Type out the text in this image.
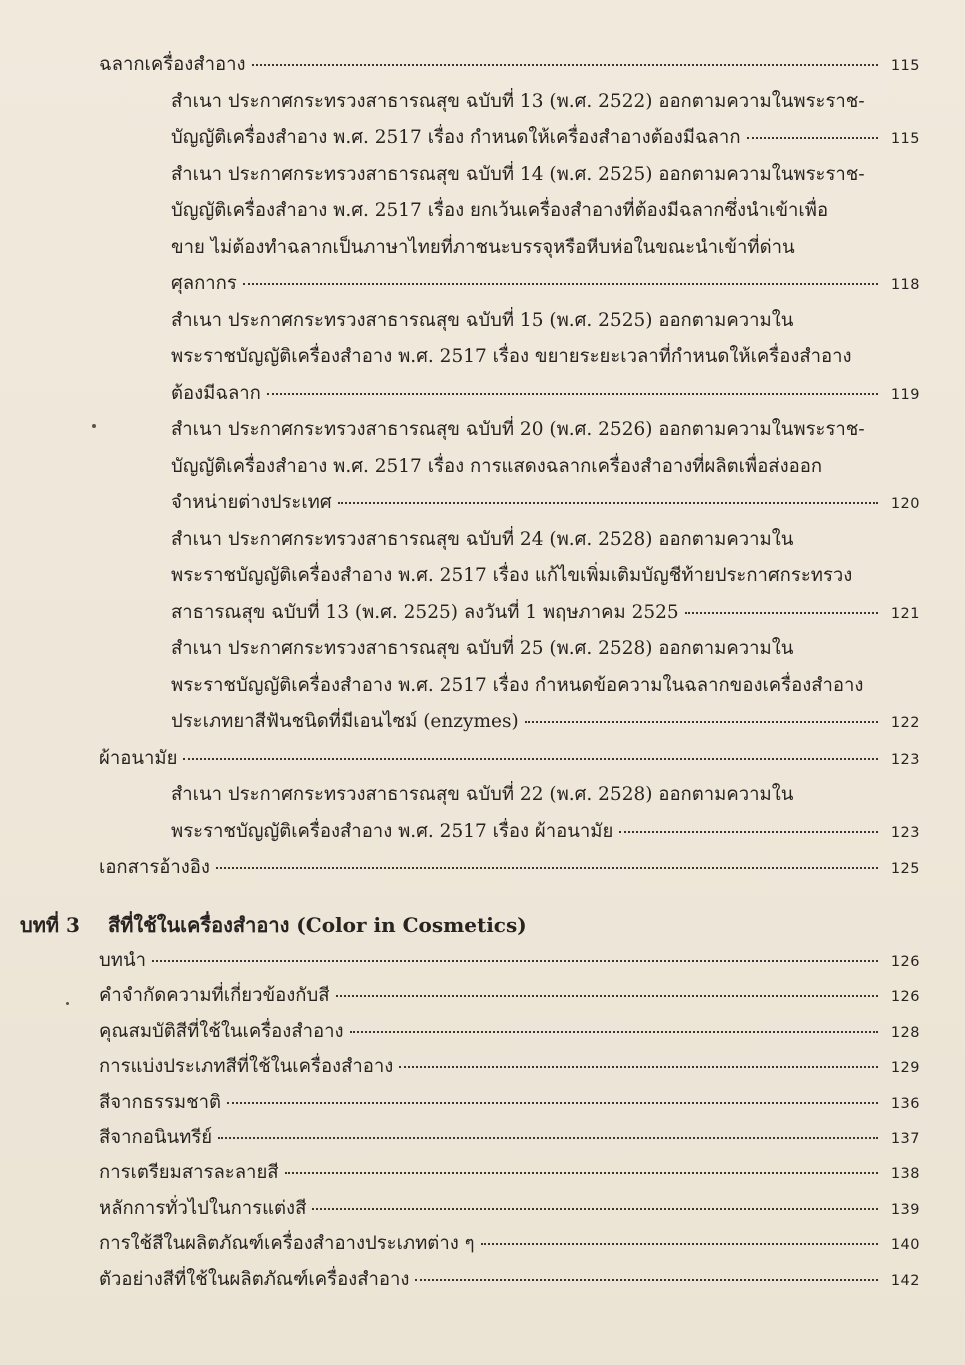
ฉลากเครื่องสำอาง	115
สำเนา ประกาศกระทรวงสาธารณสุข ฉบับที่ 13 (พ.ศ. 2522) ออกตามความในพระราช-
บัญญัติเครื่องสำอาง พ.ศ. 2517 เรื่อง กำหนดให้เครื่องสำอางต้องมีฉลาก	115
สำเนา ประกาศกระทรวงสาธารณสุข ฉบับที่ 14 (พ.ศ. 2525) ออกตามความในพระราช-
บัญญัติเครื่องสำอาง พ.ศ. 2517 เรื่อง ยกเว้นเครื่องสำอางที่ต้องมีฉลากซึ่งนำเข้าเพื่อ
ขาย ไม่ต้องทำฉลากเป็นภาษาไทยที่ภาชนะบรรจุหรือหีบห่อในขณะนำเข้าที่ด่าน
ศุลกากร	118
สำเนา ประกาศกระทรวงสาธารณสุข ฉบับที่ 15 (พ.ศ. 2525) ออกตามความใน
พระราชบัญญัติเครื่องสำอาง พ.ศ. 2517 เรื่อง ขยายระยะเวลาที่กำหนดให้เครื่องสำอาง
ต้องมีฉลาก	119
สำเนา ประกาศกระทรวงสาธารณสุข ฉบับที่ 20 (พ.ศ. 2526) ออกตามความในพระราช-
บัญญัติเครื่องสำอาง พ.ศ. 2517 เรื่อง การแสดงฉลากเครื่องสำอางที่ผลิตเพื่อส่งออก
จำหน่ายต่างประเทศ	120
สำเนา ประกาศกระทรวงสาธารณสุข ฉบับที่ 24 (พ.ศ. 2528) ออกตามความใน
พระราชบัญญัติเครื่องสำอาง พ.ศ. 2517 เรื่อง แก้ไขเพิ่มเติมบัญชีท้ายประกาศกระทรวง
สาธารณสุข ฉบับที่ 13 (พ.ศ. 2525) ลงวันที่ 1 พฤษภาคม 2525	121
สำเนา ประกาศกระทรวงสาธารณสุข ฉบับที่ 25 (พ.ศ. 2528) ออกตามความใน
พระราชบัญญัติเครื่องสำอาง พ.ศ. 2517 เรื่อง กำหนดข้อความในฉลากของเครื่องสำอาง
ประเภทยาสีฟันชนิดที่มีเอนไซม์ (enzymes)	122
ผ้าอนามัย	123
สำเนา ประกาศกระทรวงสาธารณสุข ฉบับที่ 22 (พ.ศ. 2528) ออกตามความใน
พระราชบัญญัติเครื่องสำอาง พ.ศ. 2517 เรื่อง ผ้าอนามัย	123
เอกสารอ้างอิง	125
บทที่ 3 สีที่ใช้ในเครื่องสำอาง (Color in Cosmetics)
บทนำ	126
คำจำกัดความที่เกี่ยวข้องกับสี	126
คุณสมบัติสีที่ใช้ในเครื่องสำอาง	128
การแบ่งประเภทสีที่ใช้ในเครื่องสำอาง	129
สีจากธรรมชาติ	136
สีจากอนินทรีย์	137
การเตรียมสารละลายสี	138
หลักการทั่วไปในการแต่งสี	139
การใช้สีในผลิตภัณฑ์เครื่องสำอางประเภทต่าง ๆ	140
ตัวอย่างสีที่ใช้ในผลิตภัณฑ์เครื่องสำอาง	142
